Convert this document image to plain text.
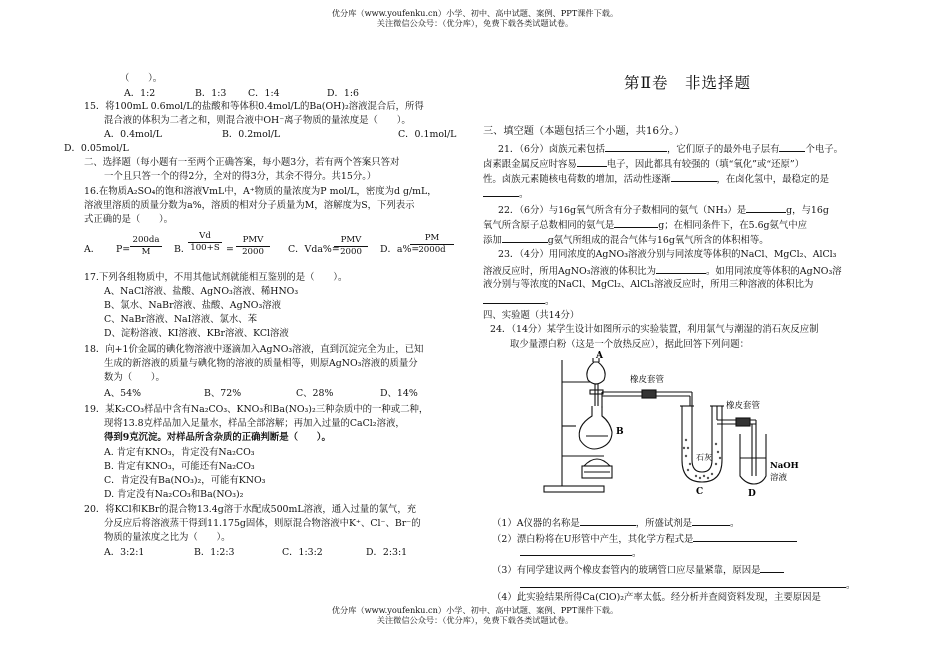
优分库（www.youfenku.cn）小学、初中、高中试题、案例、PPT课件下载。
关注微信公众号：（优分库），免费下载各类试题试卷。
（　　）。
A．1:2	B．1:3 C．1:4	D．1:6
15．将100mL 0.6mol/L的盐酸和等体积0.4mol/L的Ba(OH)₂溶液混合后，所得
混合液的体积为二者之和，则混合液中OH⁻离子物质的量浓度是（　　）。
A．0.4mol/L	B．0.2mol/L	C．0.1mol/L
D．0.05mol/L
二、选择题（每小题有一至两个正确答案，每小题3分，若有两个答案只答对
一个且只答一个的得2分，全对的得3分，其余不得分。共15分。）
16.在物质A₂SO₄的饱和溶液VmL中，A⁺物质的量浓度为P mol/L，密度为d g/mL，
溶液里溶质的质量分数为a%，溶质的相对分子质量为M，溶解度为S，下列表示
式正确的是（　　）。
A． $P= \frac{200da}{M}$ B．
$\frac{Vd}{100+S}$ =
PMV
2000	C．Vda%=
PMV
2000	D．a%=
$\frac{PM}{2000d}$
17.下列各组物质中，不用其他试剂就能相互鉴别的是（　　）。
A、NaCl溶液、盐酸、AgNO₃溶液、稀HNO₃
B、氯水、NaBr溶液、盐酸、AgNO₃溶液
C、NaBr溶液、NaI溶液、氯水、苯
D、淀粉溶液、KI溶液、KBr溶液、KCl溶液
18．向+1价金属的碘化物溶液中逐滴加入AgNO₃溶液，直到沉淀完全为止，已知
生成的新溶液的质量与碘化物的溶液的质量相等，则原AgNO₃溶液的质量分
数为（　　）。
A、54%	B、72%	C、28%	D、14%
19．某K₂CO₃样品中含有Na₂CO₃、KNO₃和Ba(NO₃)₂三种杂质中的一种或二种，
现将13.8克样品加入足量水，样品全部溶解；再加入过量的CaCl₂溶液，
得到9克沉淀。对样品所含杂质的正确判断是（　　）。
A. 肯定有KNO₃，肯定没有Na₂CO₃
B. 肯定有KNO₃，可能还有Na₂CO₃
C．肯定没有Ba(NO₃)₂，可能有KNO₃
D. 肯定没有Na₂CO₃和Ba(NO₃)₂
20．将KCl和KBr的混合物13.4g溶于水配成500mL溶液，通入过量的氯气，充
分反应后将溶液蒸干得到11.175g固体，则原混合物溶液中K⁺、Cl⁻、Br⁻的
物质的量浓度之比为（　　）。
A．3:2:1	B．1:2:3	C．1:3:2	D．2:3:1
第Ⅱ卷　非选择题
三、填空题（本题包括三个小题，共16分。）
21．（6分）卤族元素包括	，它们原子的最外电子层有	个电子。
卤素跟金属反应时容易	电子，因此都具有较强的（填“氧化”或“还原”）
性。卤族元素随核电荷数的增加，活动性逐渐	，在卤化氢中，最稳定的是
。
22．（6分）与16g氧气所含有分子数相同的氨气（NH₃）是	g，与16g
氧气所含原子总数相同的氨气是	g；在相同条件下，在5.6g氨气中应
添加	g氨气所组成的混合气体与16g氧气所含的体积相等。
23．（4分）用同浓度的AgNO₃溶液分别与同浓度等体积的NaCl、MgCl₂、AlCl₃
溶液反应时，所用AgNO₃溶液的体积比为	。如用同浓度等体积的AgNO₃溶
液分别与等浓度的NaCl、MgCl₂、AlCl₃溶液反应时，所用三种溶液的体积比为
。
四、实验题（共14分）
24．（14分）某学生设计如图所示的实验装置，利用氯气与潮湿的消石灰反应制
取少量漂白粉（这是一个放热反应），据此回答下列问题：
A
B
C	D
橡皮套管
橡皮套管
石灰
NaOH
溶液
（1）A仪器的名称是	，所盛试剂是	。
（2）漂白粉将在U形管中产生，其化学方程式是
。
（3）有同学建议两个橡皮套管内的玻璃管口应尽量紧靠，原因是
。
（4）此实验结果所得Ca(ClO)₂产率太低。经分析并查阅资料发现，主要原因是
优分库（www.youfenku.cn）小学、初中、高中试题、案例、PPT课件下载。
关注微信公众号：（优分库），免费下载各类试题试卷。
